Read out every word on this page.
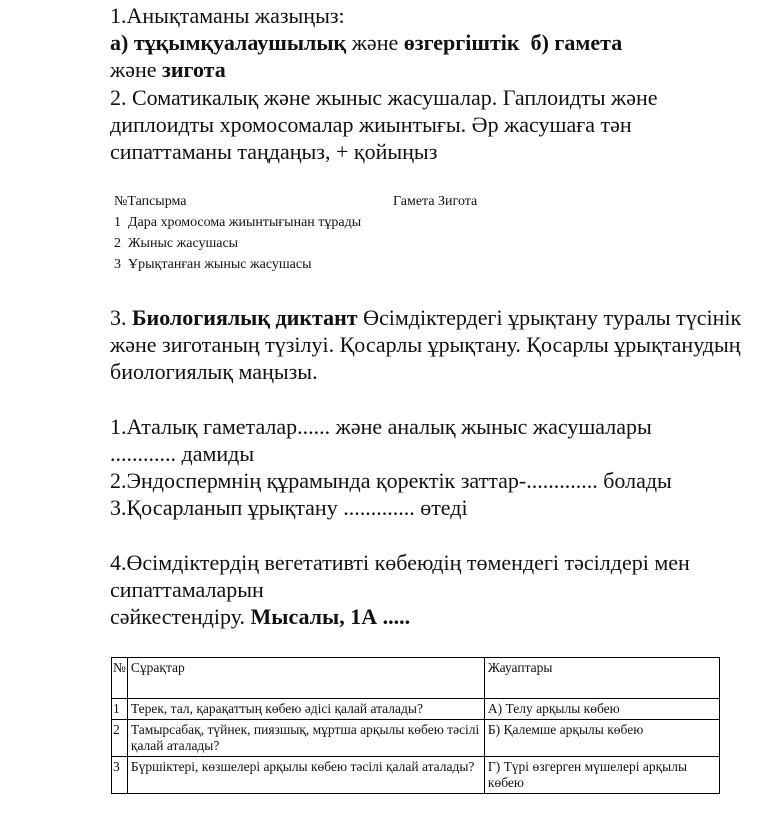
1.Анықтаманы жазыңыз:
а) тұқымқуалаушылық және өзгергіштік б) гамета
және зигота
2. Соматикалық және жыныс жасушалар. Гаплоидты және диплоидты хромосомалар жиынтығы. Әр жасушаға тән сипаттаманы таңдаңыз, + қойыңыз
№Тапсырма	Гамета Зигота
1 Дара хромосома жиынтығынан тұрады
2 Жыныс жасушасы
3 Ұрықтанған жыныс жасушасы
3. Биологиялық диктант Өсімдіктердегі ұрықтану туралы түсінік және зиготаның түзілуі. Қосарлы ұрықтану. Қосарлы ұрықтанудың биологиялық маңызы.
1.Аталық гаметалар...... және аналық жыныс жасушалары ............ дамиды
2.Эндоспермнің құрамында қоректік заттар-............. болады
3.Қосарланып ұрықтану ............. өтеді
4.Өсімдіктердің вегетативті көбеюдің төмендегі тәсілдері мен сипаттамаларын
сәйкестендіру. Мысалы, 1А .....
№	Сұрақтар	Жауаптары
1	Терек, тал, қарақаттың көбею әдісі қалай аталады?	А) Телу арқылы көбею
2	Тамырсабақ, түйнек, пиязшық, мұртша арқылы көбею тәсілі қалай аталады?	Б) Қалемше арқылы көбею
3	Бүршіктері, көзшелері арқылы көбею тәсілі қалай аталады?	Г) Түрі өзгерген мүшелері арқылы көбею
